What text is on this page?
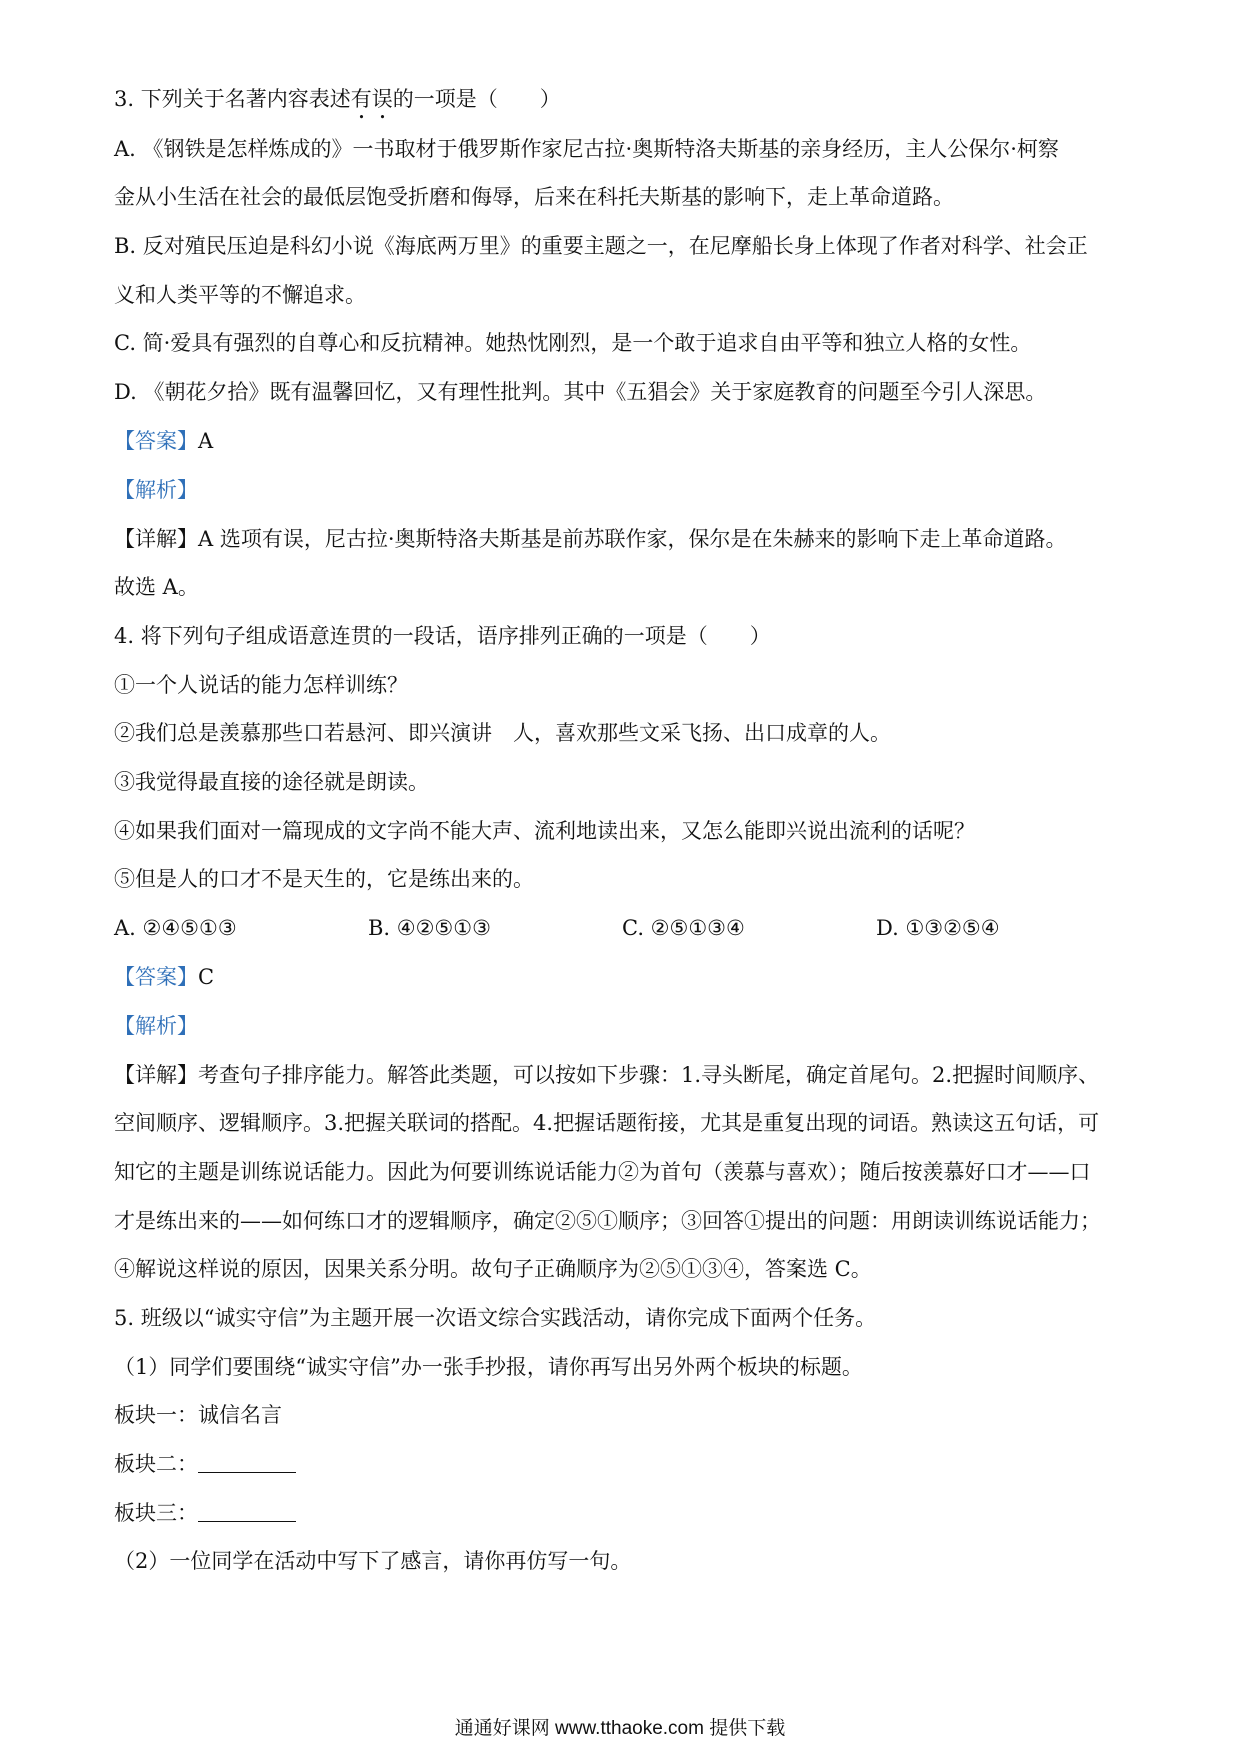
3. 下列关于名著内容表述有误的一项是（　　）
A. 《钢铁是怎样炼成的》一书取材于俄罗斯作家尼古拉·奥斯特洛夫斯基的亲身经历，主人公保尔·柯察
金从小生活在社会的最低层饱受折磨和侮辱，后来在科托夫斯基的影响下，走上革命道路。
B. 反对殖民压迫是科幻小说《海底两万里》的重要主题之一，在尼摩船长身上体现了作者对科学、社会正
义和人类平等的不懈追求。
C. 简·爱具有强烈的自尊心和反抗精神。她热忱刚烈，是一个敢于追求自由平等和独立人格的女性。
D. 《朝花夕拾》既有温馨回忆，又有理性批判。其中《五猖会》关于家庭教育的问题至今引人深思。
【答案】A
【解析】
【详解】A 选项有误，尼古拉·奥斯特洛夫斯基是前苏联作家，保尔是在朱赫来的影响下走上革命道路。
故选 A。
4. 将下列句子组成语意连贯的一段话，语序排列正确的一项是（　　）
①一个人说话的能力怎样训练？
②我们总是羡慕那些口若悬河、即兴演讲　人，喜欢那些文采飞扬、出口成章的人。
③我觉得最直接的途径就是朗读。
④如果我们面对一篇现成的文字尚不能大声、流利地读出来，又怎么能即兴说出流利的话呢？
⑤但是人的口才不是天生的，它是练出来的。
A. ②④⑤①③	B. ④②⑤①③	C. ②⑤①③④	D. ①③②⑤④
【答案】C
【解析】
【详解】考查句子排序能力。解答此类题，可以按如下步骤：1.寻头断尾，确定首尾句。2.把握时间顺序、
空间顺序、逻辑顺序。3.把握关联词的搭配。4.把握话题衔接，尤其是重复出现的词语。熟读这五句话，可
知它的主题是训练说话能力。因此为何要训练说话能力②为首句（羡慕与喜欢）；随后按羡慕好口才——口
才是练出来的——如何练口才的逻辑顺序，确定②⑤①顺序；③回答①提出的问题：用朗读训练说话能力；
④解说这样说的原因，因果关系分明。故句子正确顺序为②⑤①③④，答案选 C。
5. 班级以“诚实守信”为主题开展一次语文综合实践活动，请你完成下面两个任务。
（1）同学们要围绕“诚实守信”办一张手抄报，请你再写出另外两个板块的标题。
板块一：诚信名言
板块二：
板块三：
（2）一位同学在活动中写下了感言，请你再仿写一句。
通通好课网 www.tthaoke.com 提供下载
